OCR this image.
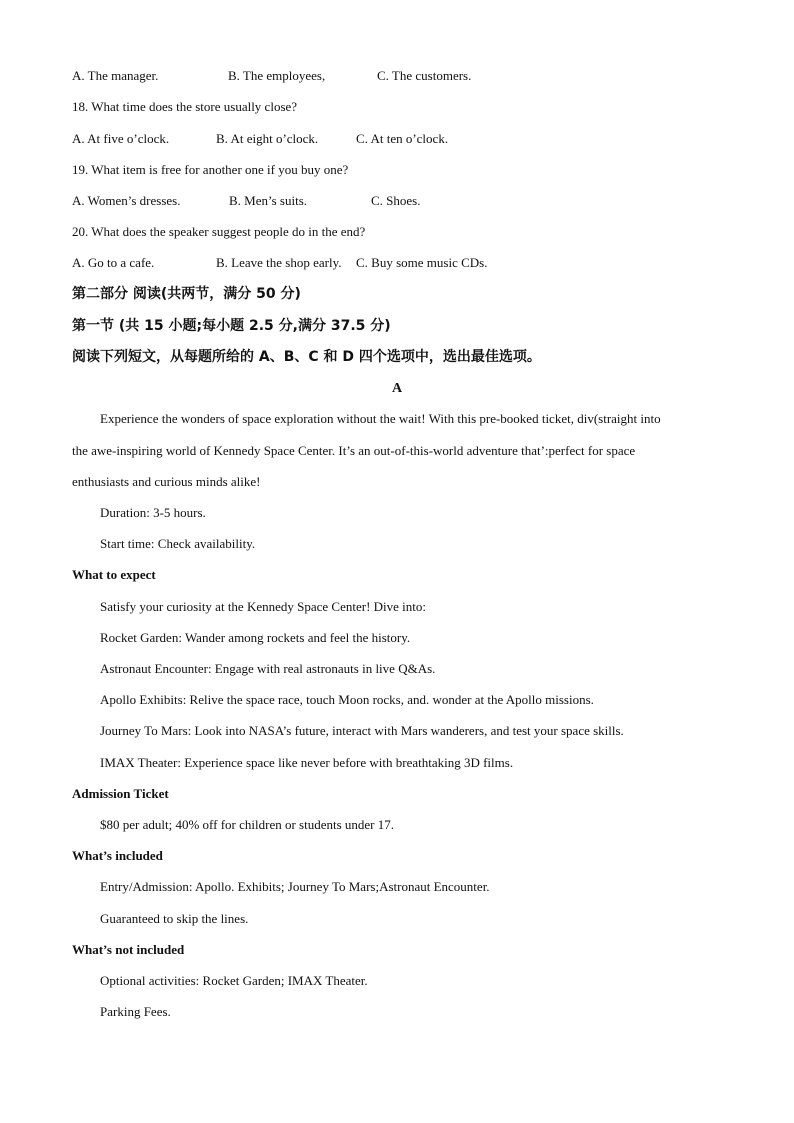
A. The manager.	B. The employees,	C. The customers.
18. What time does the store usually close?
A. At five o’clock.	B. At eight o’clock.	C. At ten o’clock.
19. What item is free for another one if you buy one?
A. Women’s dresses.	B. Men’s suits.	C. Shoes.
20. What does the speaker suggest people do in the end?
A. Go to a cafe.	B. Leave the shop early. C. Buy some music CDs.
第二部分 阅读(共两节，满分 50 分)
第一节 (共 15 小题;每小题 2.5 分,满分 37.5 分)
阅读下列短文，从每题所给的 A、B、C 和 D 四个选项中，选出最佳选项。
A
Experience the wonders of space exploration without the wait! With this pre-booked ticket, div(straight into
the awe-inspiring world of Kennedy Space Center. It’s an out-of-this-world adventure that’:perfect for space
enthusiasts and curious minds alike!
Duration: 3-5 hours.
Start time: Check availability.
What to expect
Satisfy your curiosity at the Kennedy Space Center! Dive into:
Rocket Garden: Wander among rockets and feel the history.
Astronaut Encounter: Engage with real astronauts in live Q&As.
Apollo Exhibits: Relive the space race, touch Moon rocks, and. wonder at the Apollo missions.
Journey To Mars: Look into NASA’s future, interact with Mars wanderers, and test your space skills.
IMAX Theater: Experience space like never before with breathtaking 3D films.
Admission Ticket
$80 per adult; 40% off for children or students under 17.
What’s included
Entry/Admission: Apollo. Exhibits; Journey To Mars;Astronaut Encounter.
Guaranteed to skip the lines.
What’s not included
Optional activities: Rocket Garden; IMAX Theater.
Parking Fees.
